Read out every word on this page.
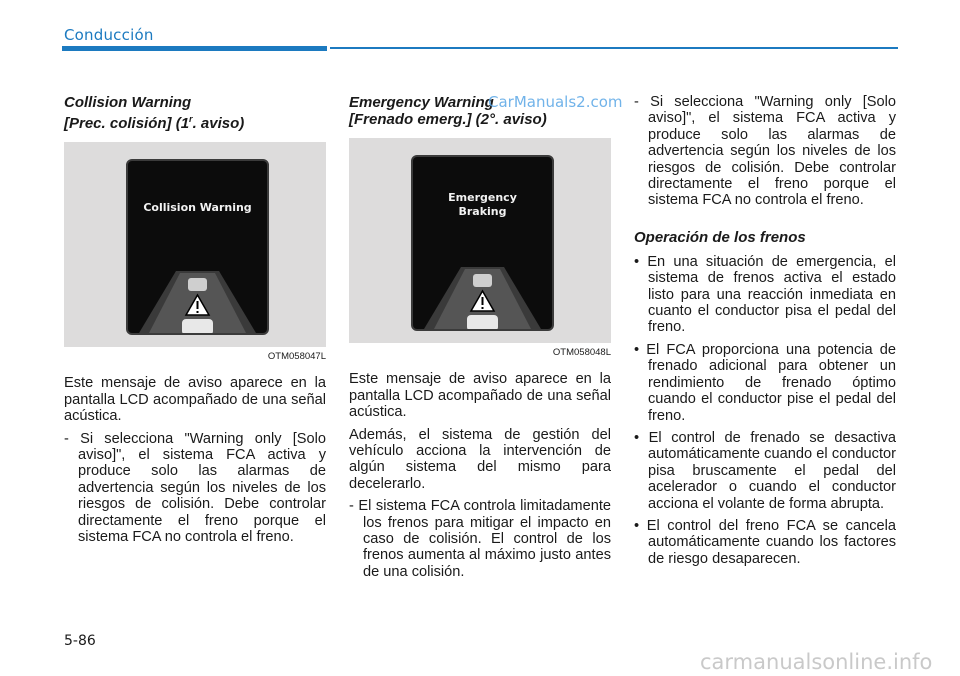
Conducción
Collision Warning
[Prec. colisión] (1$^r$. aviso)
Collision Warning
OTM058047L

Este mensaje de aviso aparece en la pantalla LCD acompañado de una señal acústica.

- Si selecciona "Warning only [Solo aviso]", el sistema FCA activa y produce solo las alarmas de advertencia según los niveles de los riesgos de colisión. Debe controlar directamente el freno porque el sistema FCA no controla el freno.
Emergency Warning
[Frenado emerg.] (2°. aviso)
Emergency
Braking
OTM058048L

Este mensaje de aviso aparece en la pantalla LCD acompañado de una señal acústica.

Además, el sistema de gestión del vehículo acciona la intervención de algún sistema del mismo para decelerarlo.

- El sistema FCA controla limitadamente los frenos para mitigar el impacto en caso de colisión. El control de los frenos aumenta al máximo justo antes de una colisión.
- Si selecciona "Warning only [Solo aviso]", el sistema FCA activa y produce solo las alarmas de advertencia según los niveles de los riesgos de colisión. Debe controlar directamente el freno porque el sistema FCA no controla el freno.
Operación de los frenos
• En una situación de emergencia, el sistema de frenos activa el estado listo para una reacción inmediata en cuanto el conductor pisa el pedal del freno.
• El FCA proporciona una potencia de frenado adicional para obtener un rendimiento de frenado óptimo cuando el conductor pise el pedal del freno.
• El control de frenado se desactiva automáticamente cuando el conductor pisa bruscamente el pedal del acelerador o cuando el conductor acciona el volante de forma abrupta.
• El control del freno FCA se cancela automáticamente cuando los factores de riesgo desaparecen.
CarManuals2.com
5-86
carmanualsonline.info
